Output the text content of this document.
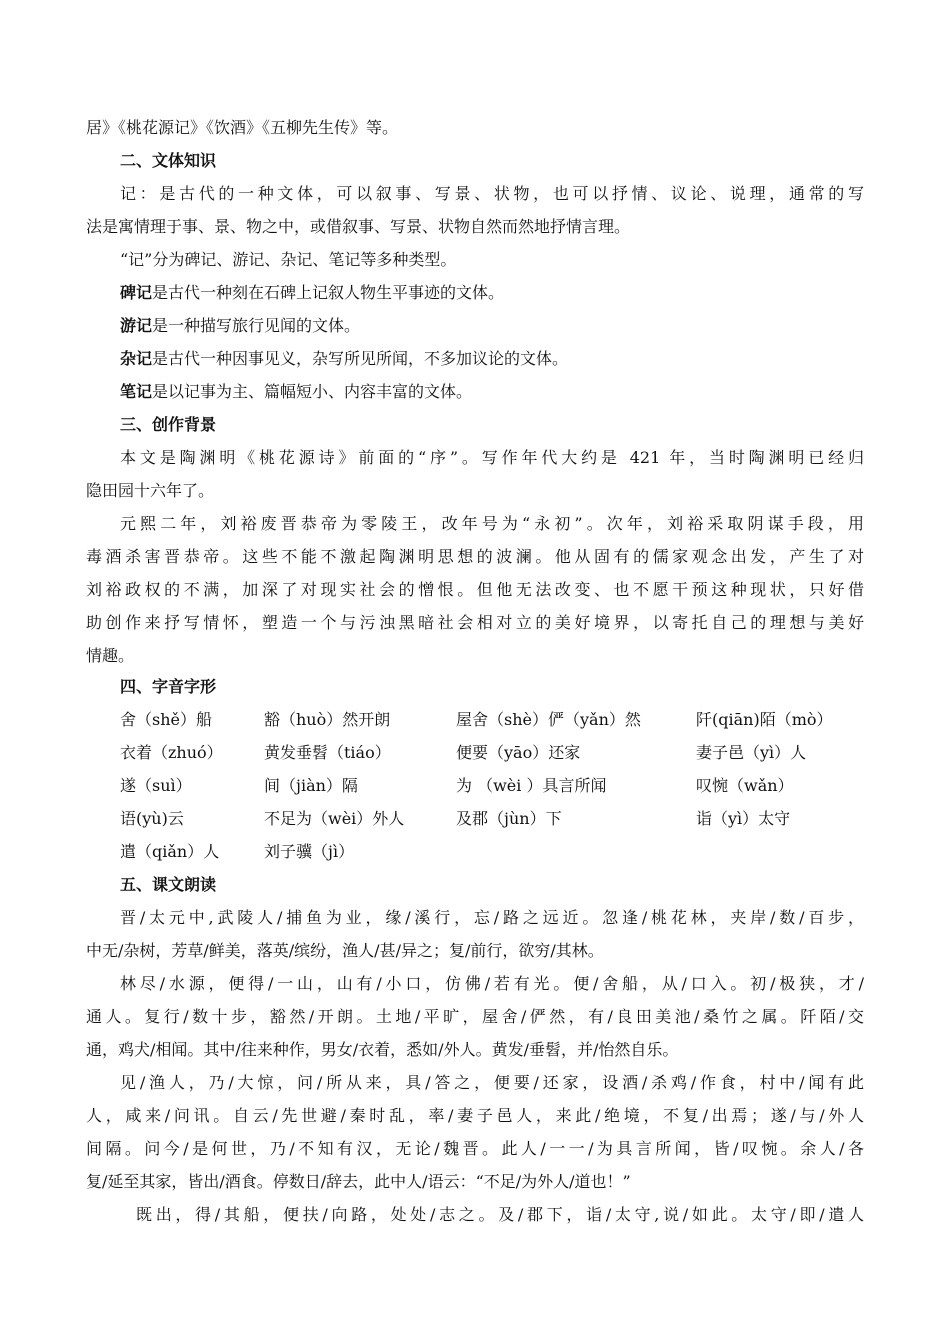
居》《桃花源记》《饮酒》《五柳先生传》等。

二、文体知识

记：是古代的一种文体，可以叙事、写景、状物，也可以抒情、议论、说理，通常的写
法是寓情理于事、景、物之中，或借叙事、写景、状物自然而然地抒情言理。

“记”分为碑记、游记、杂记、笔记等多种类型。

碑记是古代一种刻在石碑上记叙人物生平事迹的文体。
游记是一种描写旅行见闻的文体。
杂记是古代一种因事见义，杂写所见所闻，不多加议论的文体。
笔记是以记事为主、篇幅短小、内容丰富的文体。

三、创作背景

本文是陶渊明《桃花源诗》前面的“序”。写作年代大约是 421 年，当时陶渊明已经归
隐田园十六年了。

元熙二年，刘裕废晋恭帝为零陵王，改年号为“永初”。次年，刘裕采取阴谋手段，用
毒酒杀害晋恭帝。这些不能不激起陶渊明思想的波澜。他从固有的儒家观念出发，产生了对
刘裕政权的不满，加深了对现实社会的憎恨。但他无法改变、也不愿干预这种现状，只好借
助创作来抒写情怀，塑造一个与污浊黑暗社会相对立的美好境界，以寄托自己的理想与美好
情趣。

四、字音字形

舍（shě）船	豁（huò）然开朗	屋舍（shè）俨（yǎn）然	阡(qiān)陌（mò）
衣着（zhuó）	黄发垂髫（tiáo）	便要（yāo）还家	妻子邑（yì）人
遂（suì）	间（jiàn）隔	为 （wèi ）具言所闻	叹惋（wǎn）
语(yù)云	不足为（wèi）外人	及郡（jùn）下	诣（yì）太守
遣（qiǎn）人	刘子骥（jì）

五、课文朗读

晋/太元中,武陵人/捕鱼为业，缘/溪行，忘/路之远近。忽逢/桃花林，夹岸/数/百步，
中无/杂树，芳草/鲜美，落英/缤纷，渔人/甚/异之；复/前行，欲穷/其林。

林尽/水源，便得/一山，山有/小口，仿佛/若有光。便/舍船，从/口入。初/极狭，才/
通人。复行/数十步，豁然/开朗。土地/平旷，屋舍/俨然，有/良田美池/桑竹之属。阡陌/交
通，鸡犬/相闻。其中/往来种作，男女/衣着，悉如/外人。黄发/垂髫，并/怡然自乐。

见/渔人，乃/大惊，问/所从来，具/答之，便要/还家，设酒/杀鸡/作食，村中/闻有此
人，咸来/问讯。自云/先世避/秦时乱，率/妻子邑人，来此/绝境，不复/出焉；遂/与/外人
间隔。问今/是何世，乃/不知有汉，无论/魏晋。此人/一一/为具言所闻，皆/叹惋。余人/各
复/延至其家，皆出/酒食。停数日/辞去，此中人/语云：“不足/为外人/道也！”

既出，得/其船，便扶/向路，处处/志之。及/郡下，诣/太守,说/如此。太守/即/遣人
